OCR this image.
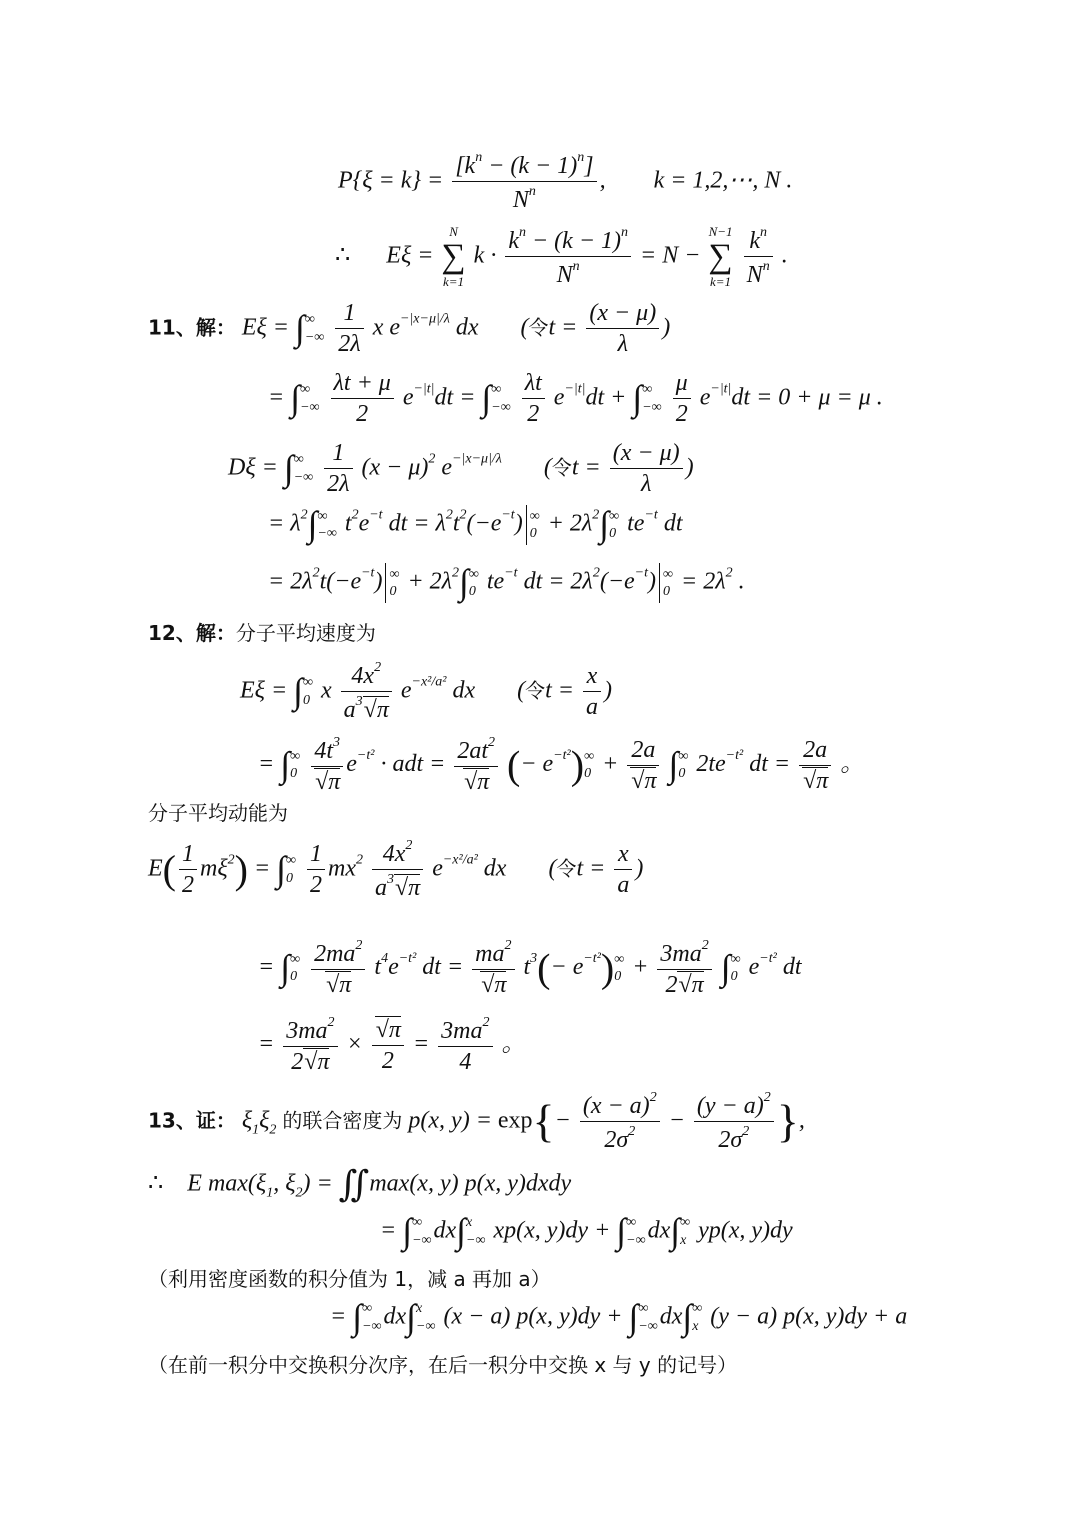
$P\{\xi = k\} = \frac{[k^n - (k - 1)^n]}{N^n}$ ,        k = 1,2,⋯, N .
∴      Eξ = N
∑
k=1 $k \cdot \frac{k^n - (k - 1)^n}{N^n} = N - N-1$
∑
$k=1 \frac{k^n}{N^n}$ .
11、解： Eξ = ∫ ∞
−∞
$\frac{1}{2\lambda}$ x $e^{-|x-\mu|/\lambda}$ dx       (令$t = \frac{(x - \mu)}{\lambda}$ )
= ∫ ∞
−∞
$\frac{\lambda t + \mu}{2} e^{-|t|}dt$ = ∫ ∞
−∞
$\frac{\lambda t}{2} e^{-|t|}dt$ + ∫ ∞
−∞
$\frac{\mu}{2} e^{-|t|}dt = 0 + \mu = \mu$ .
Dξ = ∫ ∞
−∞
$\frac{1}{2\lambda} (x - \mu)^2$ $e^{-|x-\mu|/\lambda}$       (令$t = \frac{(x - \mu)}{\lambda}$ )
= $\lambda^2\int$ ∞
−∞ $t^2e^{-t}$ dt = $\lambda^2t^2(-e^{-t})$ ∞
$0 + 2\lambda^2\int$ ∞
0 $te^{-t}$ dt
= $2\lambda^2t(-e^{-t})$ ∞
$0 + 2\lambda^2\int$ ∞
0 $te^{-t}$ dt = $2\lambda^2(-e^{-t})$ ∞
$0 = 2\lambda^2$ .
12、解：分子平均速度为
Eξ = ∫ ∞
0 x $\frac{4x^2}{a^3√\pi} e^{-x^2/a^2}$ dx       (令$t = \frac{x}{a}$ )
= ∫ ∞
0
$\frac{4t^3}{√\pi} e^{-t^2}$ · adt = $\frac{2at^2}{√\pi}$ (− $e^{-t^2}$) ∞
$0 + \frac{2a}{√\pi}$ ∫ ∞
0 $2te^{-t^2}$ dt = $\frac{2a}{√\pi}$ 。
分子平均动能为
$E( \frac{1}{2} m\xi^2)$ = ∫ ∞
0
$\frac{1}{2} mx^2 \frac{4x^2}{a^3√\pi} e^{-x^2/a^2}$ dx       (令$t = \frac{x}{a}$ )
= ∫ ∞
0
$\frac{2ma^2}{√\pi} t^4e^{-t^2}$ dt = $\frac{ma^2}{√\pi} t^3(- e^{-t^2})$ ∞
$0 + \frac{3ma^2}{2√\pi}$ ∫ ∞
0 $e^{-t^2}$ dt
= $\frac{3ma^2}{2√\pi} \times \frac{√\pi}{2} = \frac{3ma^2}{4}$ 。
13、证： $\xi_1\xi_2$ 的联合密度为 p(x, $y) = \exp\{- \frac{(x - a)^2}{2\sigma^2} - \frac{(y - a)^2}{2\sigma^2}$ },
∴    E $\max(\xi_1$, $\xi_2$) = ∬max(x, y) p(x, y)dxdy
= ∫ ∞
−∞ dx∫ x
−∞ xp(x, y)dy + ∫ ∞
−∞ dx∫ ∞
x yp(x, y)dy
（利用密度函数的积分值为 1，减 a 再加 a）
= ∫ ∞
−∞ dx∫ x
−∞ (x − a) p(x, y)dy + ∫ ∞
−∞ dx∫ ∞
x (y − a) p(x, y)dy + a
（在前一积分中交换积分次序，在后一积分中交换 x 与 y 的记号）
